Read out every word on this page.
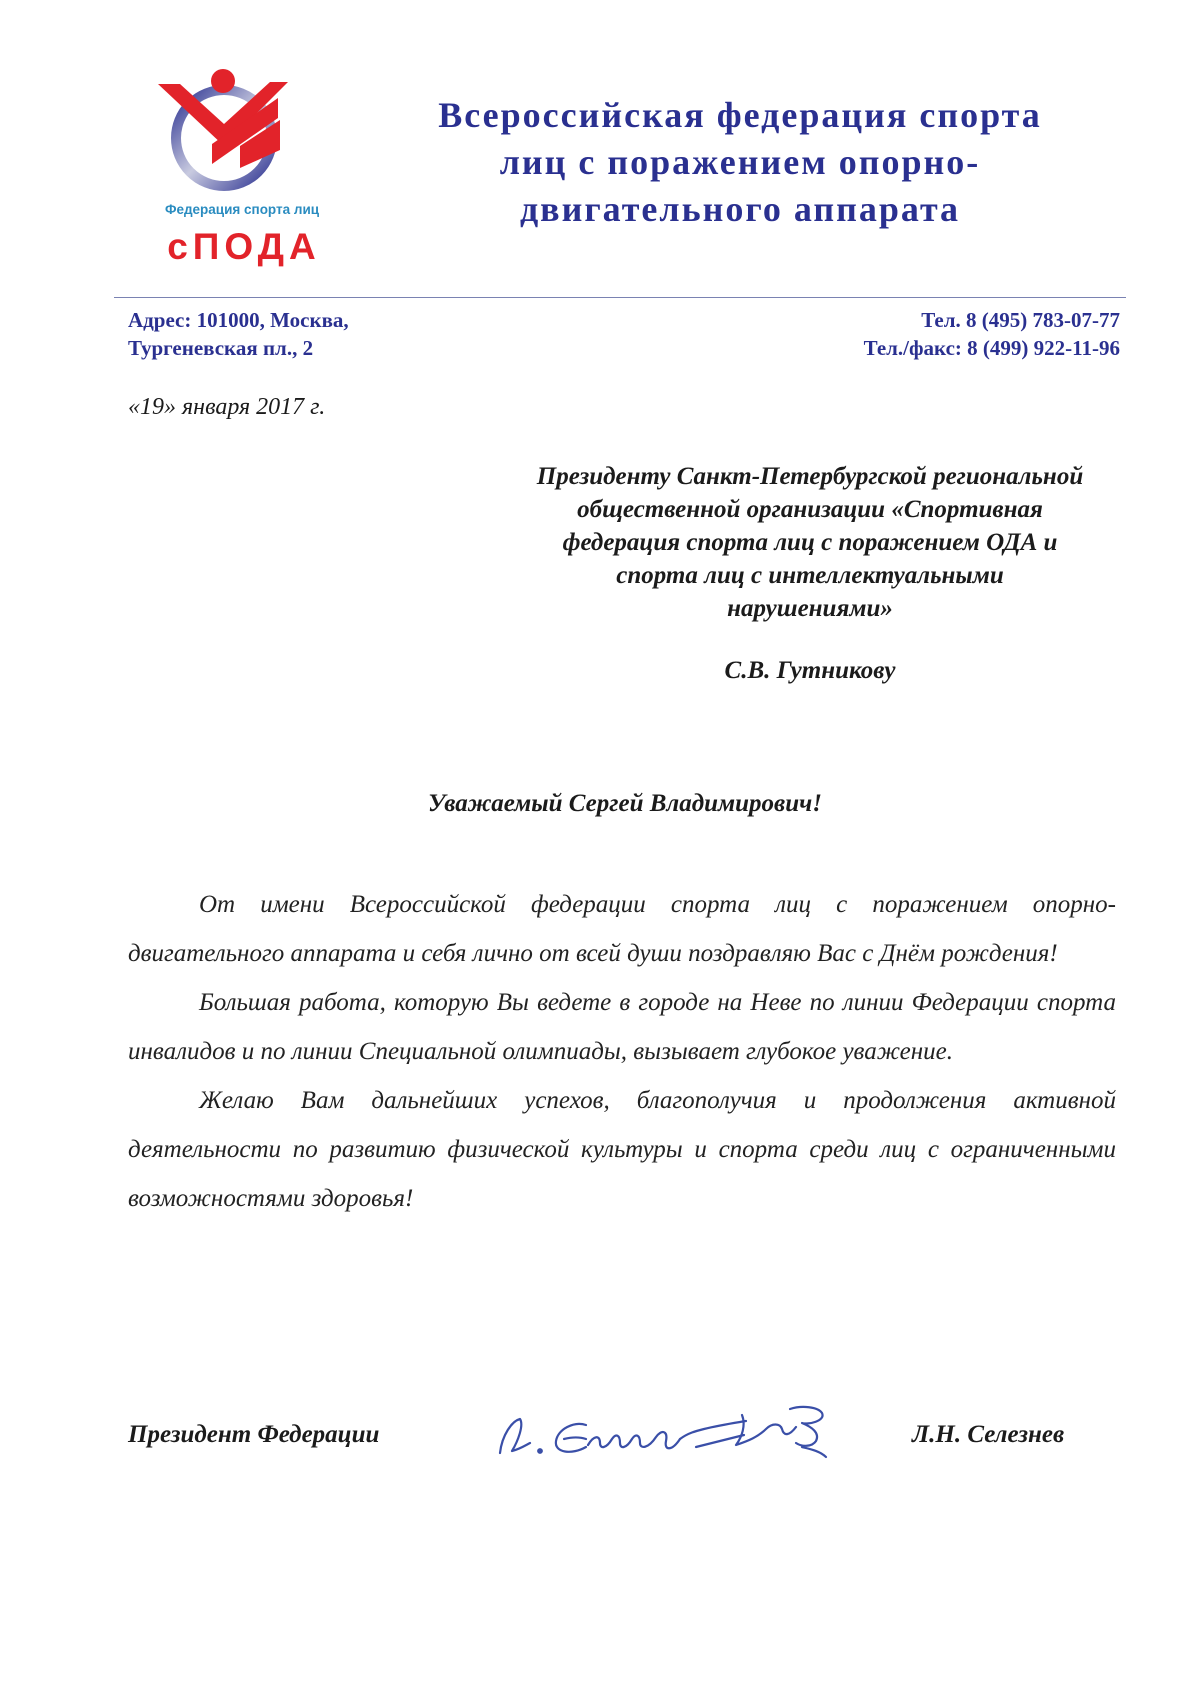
Федерация спорта лиц
сПОДА
Всероссийская федерация спорта
лиц с поражением опорно-
двигательного аппарата
Адрес: 101000, Москва,
Тургеневская пл., 2
Тел. 8 (495) 783-07-77
Тел./факс: 8 (499) 922-11-96
«19» января 2017 г.
Президенту Санкт-Петербургской региональной
общественной организации «Спортивная
федерация спорта лиц с поражением ОДА и
спорта лиц с интеллектуальными
нарушениями»
С.В. Гутникову
Уважаемый Сергей Владимирович!

От имени Всероссийской федерации спорта лиц с поражением опорно-двигательного аппарата и себя лично от всей души поздравляю Вас с Днём рождения!

Большая работа, которую Вы ведете в городе на Неве по линии Федерации спорта инвалидов и по линии Специальной олимпиады, вызывает глубокое уважение.

Желаю Вам дальнейших успехов, благополучия и продолжения активной деятельности по развитию физической культуры и спорта среди лиц с ограниченными возможностями здоровья!

Президент Федерации	Л.Н. Селезнев
